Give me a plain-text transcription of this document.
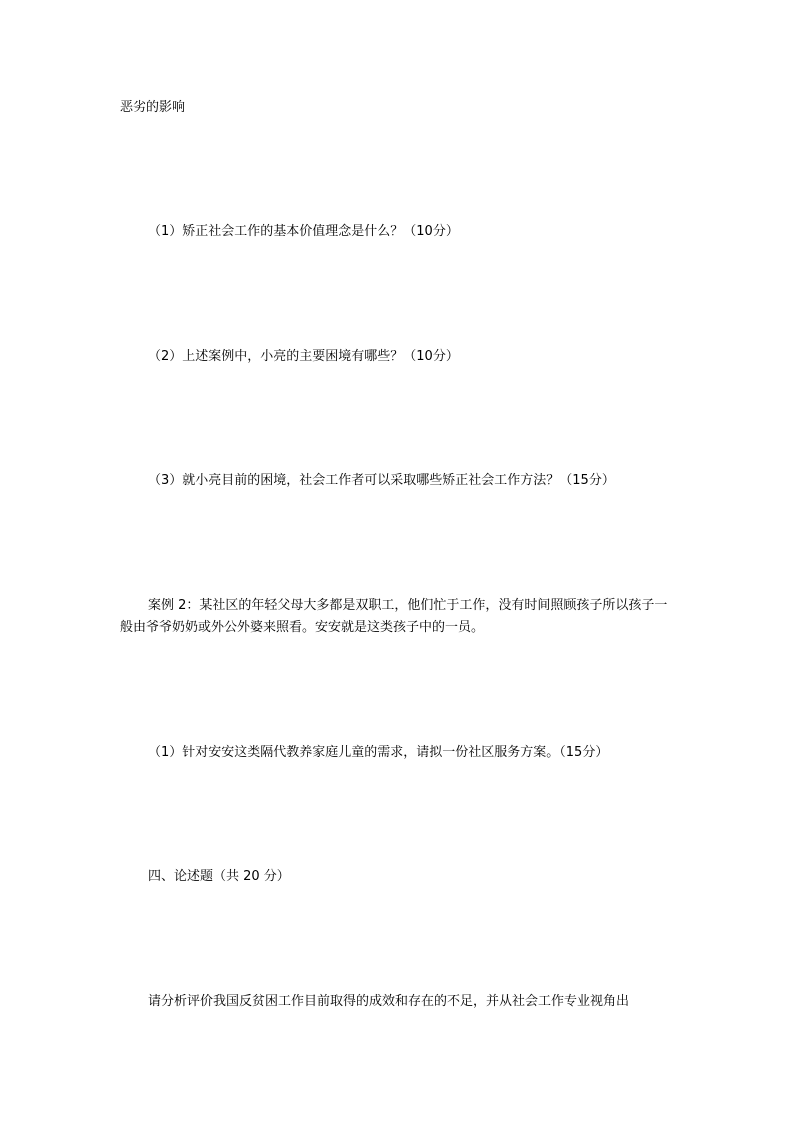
恶劣的影响
（1）矫正社会工作的基本价值理念是什么？（10分）
（2）上述案例中，小亮的主要困境有哪些？（10分）
（3）就小亮目前的困境，社会工作者可以采取哪些矫正社会工作方法？（15分）
案例 2：某社区的年轻父母大多都是双职工，他们忙于工作，没有时间照顾孩子所以孩子一般由爷爷奶奶或外公外婆来照看。安安就是这类孩子中的一员。
（1）针对安安这类隔代教养家庭儿童的需求，请拟一份社区服务方案。（15分）
四、论述题（共 20 分）
请分析评价我国反贫困工作目前取得的成效和存在的不足，并从社会工作专业视角出
